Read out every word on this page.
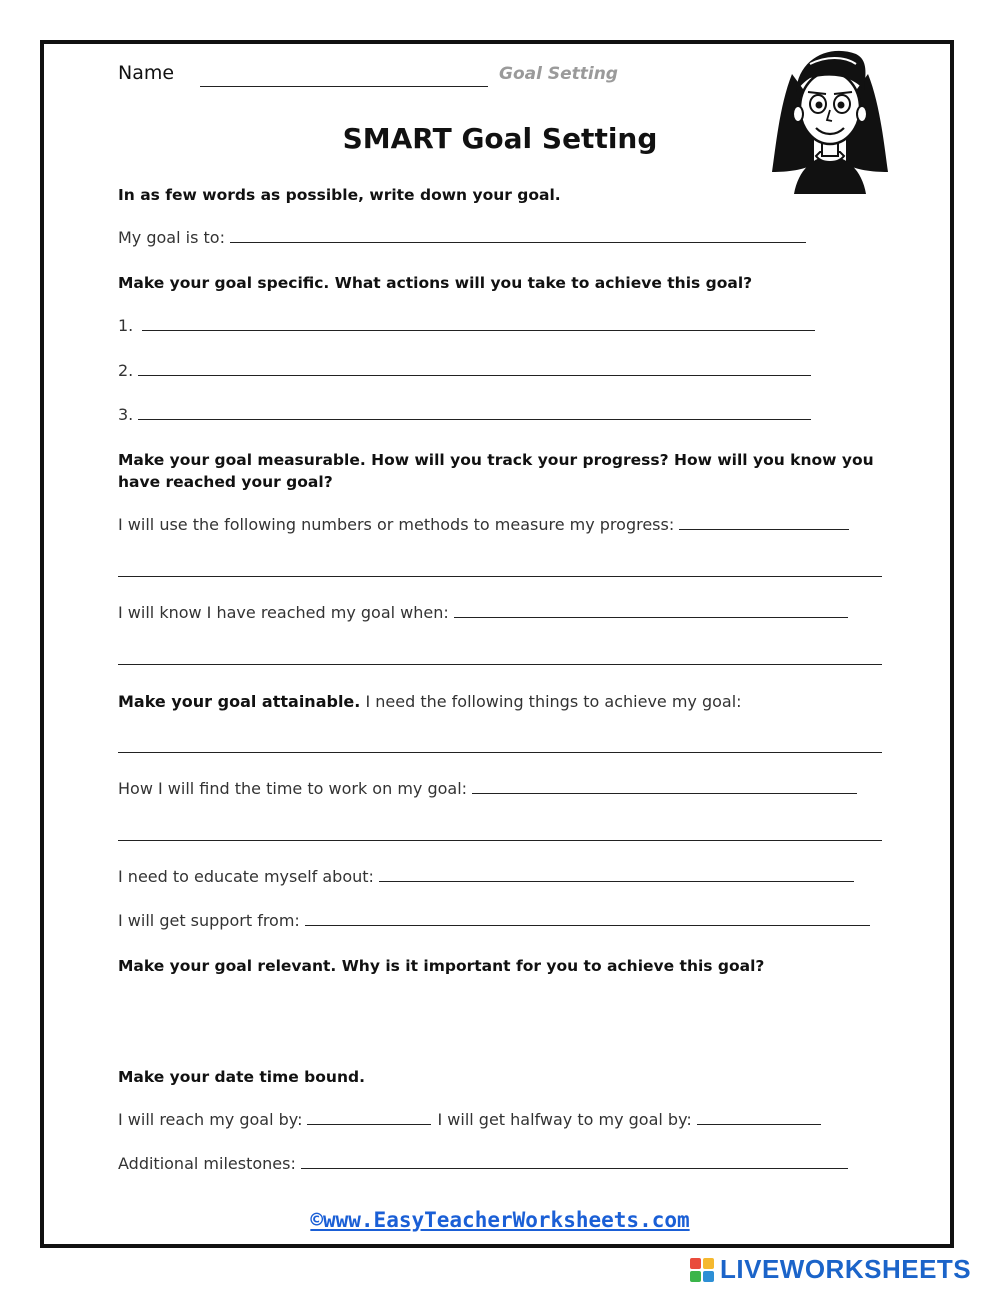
Name	Goal Setting
SMART Goal Setting
In as few words as possible, write down your goal.
My goal is to:
Make your goal specific. What actions will you take to achieve this goal?
1.
2.
3.
Make your goal measurable. How will you track your progress? How will you know you
have reached your goal?
I will use the following numbers or methods to measure my progress:
I will know I have reached my goal when:
Make your goal attainable. I need the following things to achieve my goal:
How I will find the time to work on my goal:
I need to educate myself about:
I will get support from:
Make your goal relevant. Why is it important for you to achieve this goal?
Make your date time bound.
I will reach my goal by:	I will get halfway to my goal by:
Additional milestones:
©www.EasyTeacherWorksheets.com
LIVEWORKSHEETS
